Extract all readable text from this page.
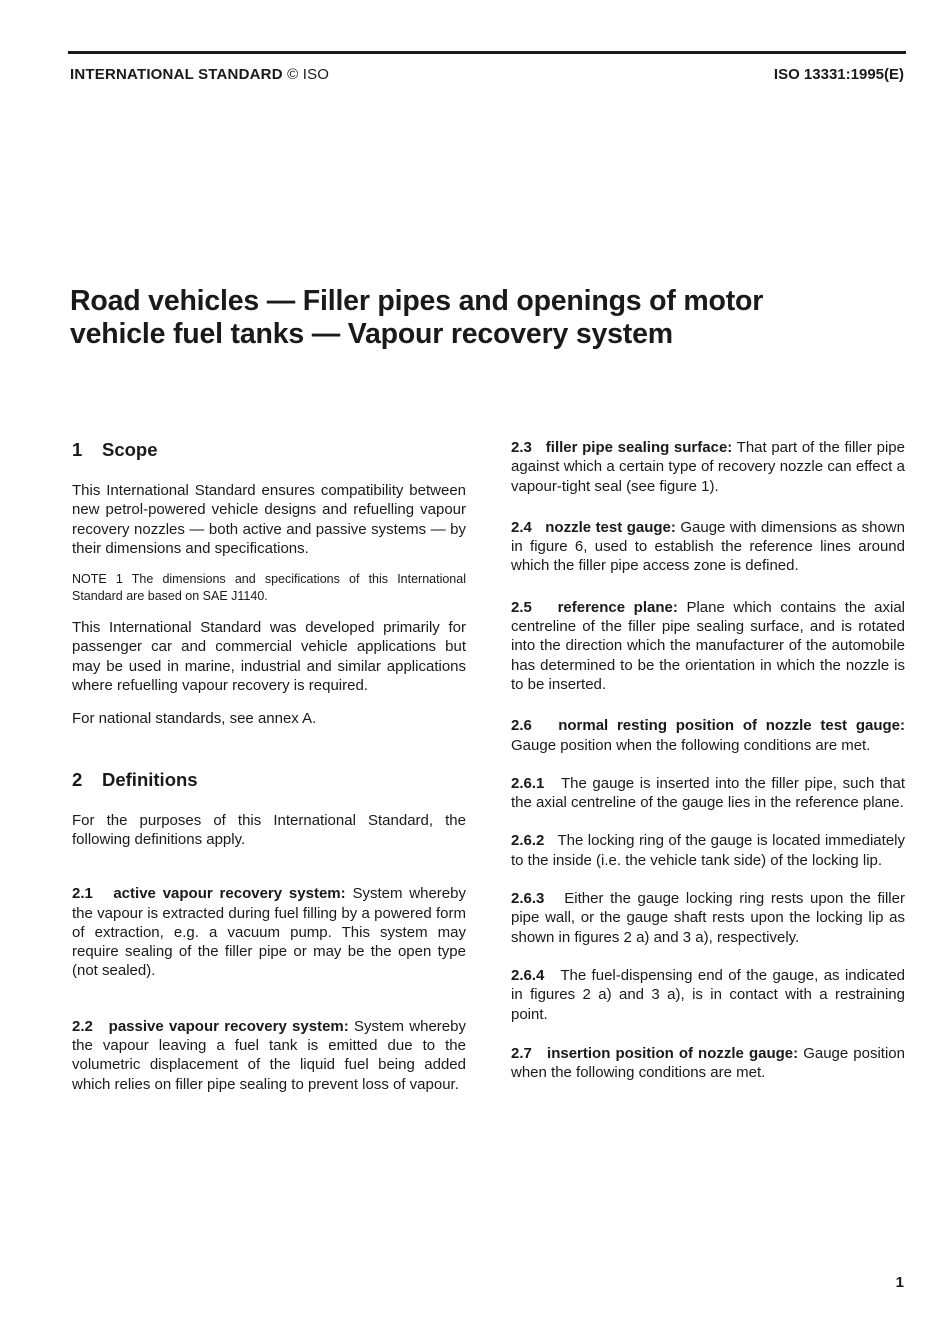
INTERNATIONAL STANDARD © ISO	ISO 13331:1995(E)
Road vehicles — Filler pipes and openings of motor
vehicle fuel tanks — Vapour recovery system
1 Scope

This International Standard ensures compatibility between new petrol-powered vehicle designs and refuelling vapour recovery nozzles — both active and passive systems — by their dimensions and specifications.

NOTE 1 The dimensions and specifications of this International Standard are based on SAE J1140.

This International Standard was developed primarily for passenger car and commercial vehicle applications but may be used in marine, industrial and similar applications where refuelling vapour recovery is required.

For national standards, see annex A.

2 Definitions

For the purposes of this International Standard, the following definitions apply.

2.1 active vapour recovery system: System whereby the vapour is extracted during fuel filling by a powered form of extraction, e.g. a vacuum pump. This system may require sealing of the filler pipe or may be the open type (not sealed).

2.2 passive vapour recovery system: System whereby the vapour leaving a fuel tank is emitted due to the volumetric displacement of the liquid fuel being added which relies on filler pipe sealing to prevent loss of vapour.

2.3 filler pipe sealing surface: That part of the filler pipe against which a certain type of recovery nozzle can effect a vapour-tight seal (see figure 1).

2.4 nozzle test gauge: Gauge with dimensions as shown in figure 6, used to establish the reference lines around which the filler pipe access zone is defined.

2.5 reference plane: Plane which contains the axial centreline of the filler pipe sealing surface, and is rotated into the direction which the manufacturer of the automobile has determined to be the orientation in which the nozzle is to be inserted.

2.6 normal resting position of nozzle test gauge: Gauge position when the following conditions are met.

2.6.1 The gauge is inserted into the filler pipe, such that the axial centreline of the gauge lies in the reference plane.

2.6.2 The locking ring of the gauge is located immediately to the inside (i.e. the vehicle tank side) of the locking lip.

2.6.3 Either the gauge locking ring rests upon the filler pipe wall, or the gauge shaft rests upon the locking lip as shown in figures 2 a) and 3 a), respectively.

2.6.4 The fuel-dispensing end of the gauge, as indicated in figures 2 a) and 3 a), is in contact with a restraining point.

2.7 insertion position of nozzle gauge: Gauge position when the following conditions are met.

1
